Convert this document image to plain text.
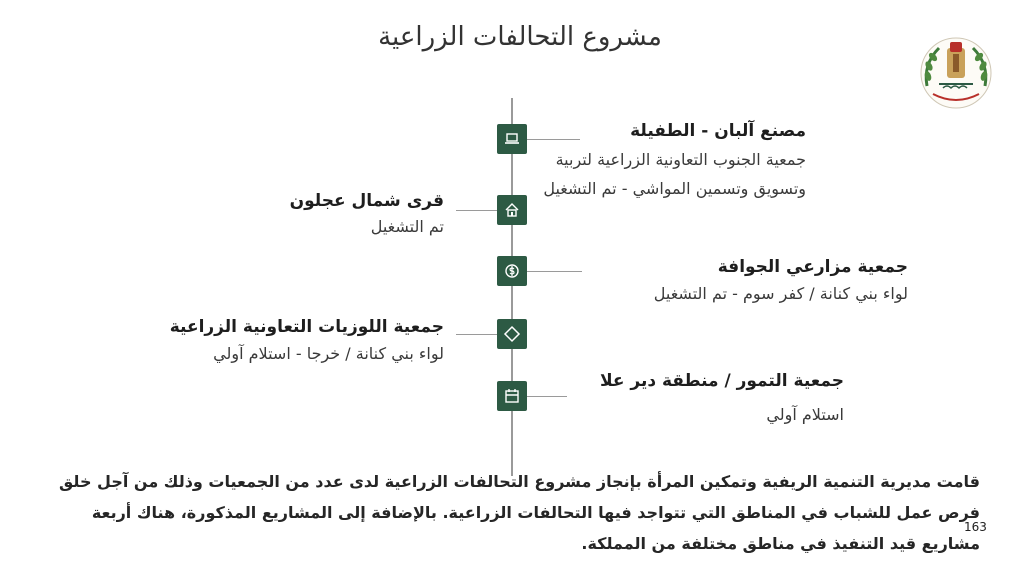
مشروع التحالفات الزراعية
مصنع آلبان - الطفيلة
جمعية الجنوب التعاونية الزراعية لتربية
وتسويق وتسمين المواشي - تم التشغيل
قرى شمال عجلون
تم التشغيل
جمعية مزارعي الجوافة
لواء بني كنانة / كفر سوم - تم التشغيل
جمعية اللوزيات التعاونية الزراعية
لواء بني كنانة / خرجا - استلام آولي
جمعية التمور / منطقة دير علا
استلام آولي
قامت مديرية التنمية الريفية وتمكين المرأة بإنجاز مشروع التحالفات الزراعية لدى عدد من الجمعيات وذلك من آجل خلق فرص عمل للشباب في المناطق التي تتواجد فيها التحالفات الزراعية. بالإضافة إلى المشاريع المذكورة، هناك أربعة مشاريع قيد التنفيذ في مناطق مختلفة من المملكة.
163
